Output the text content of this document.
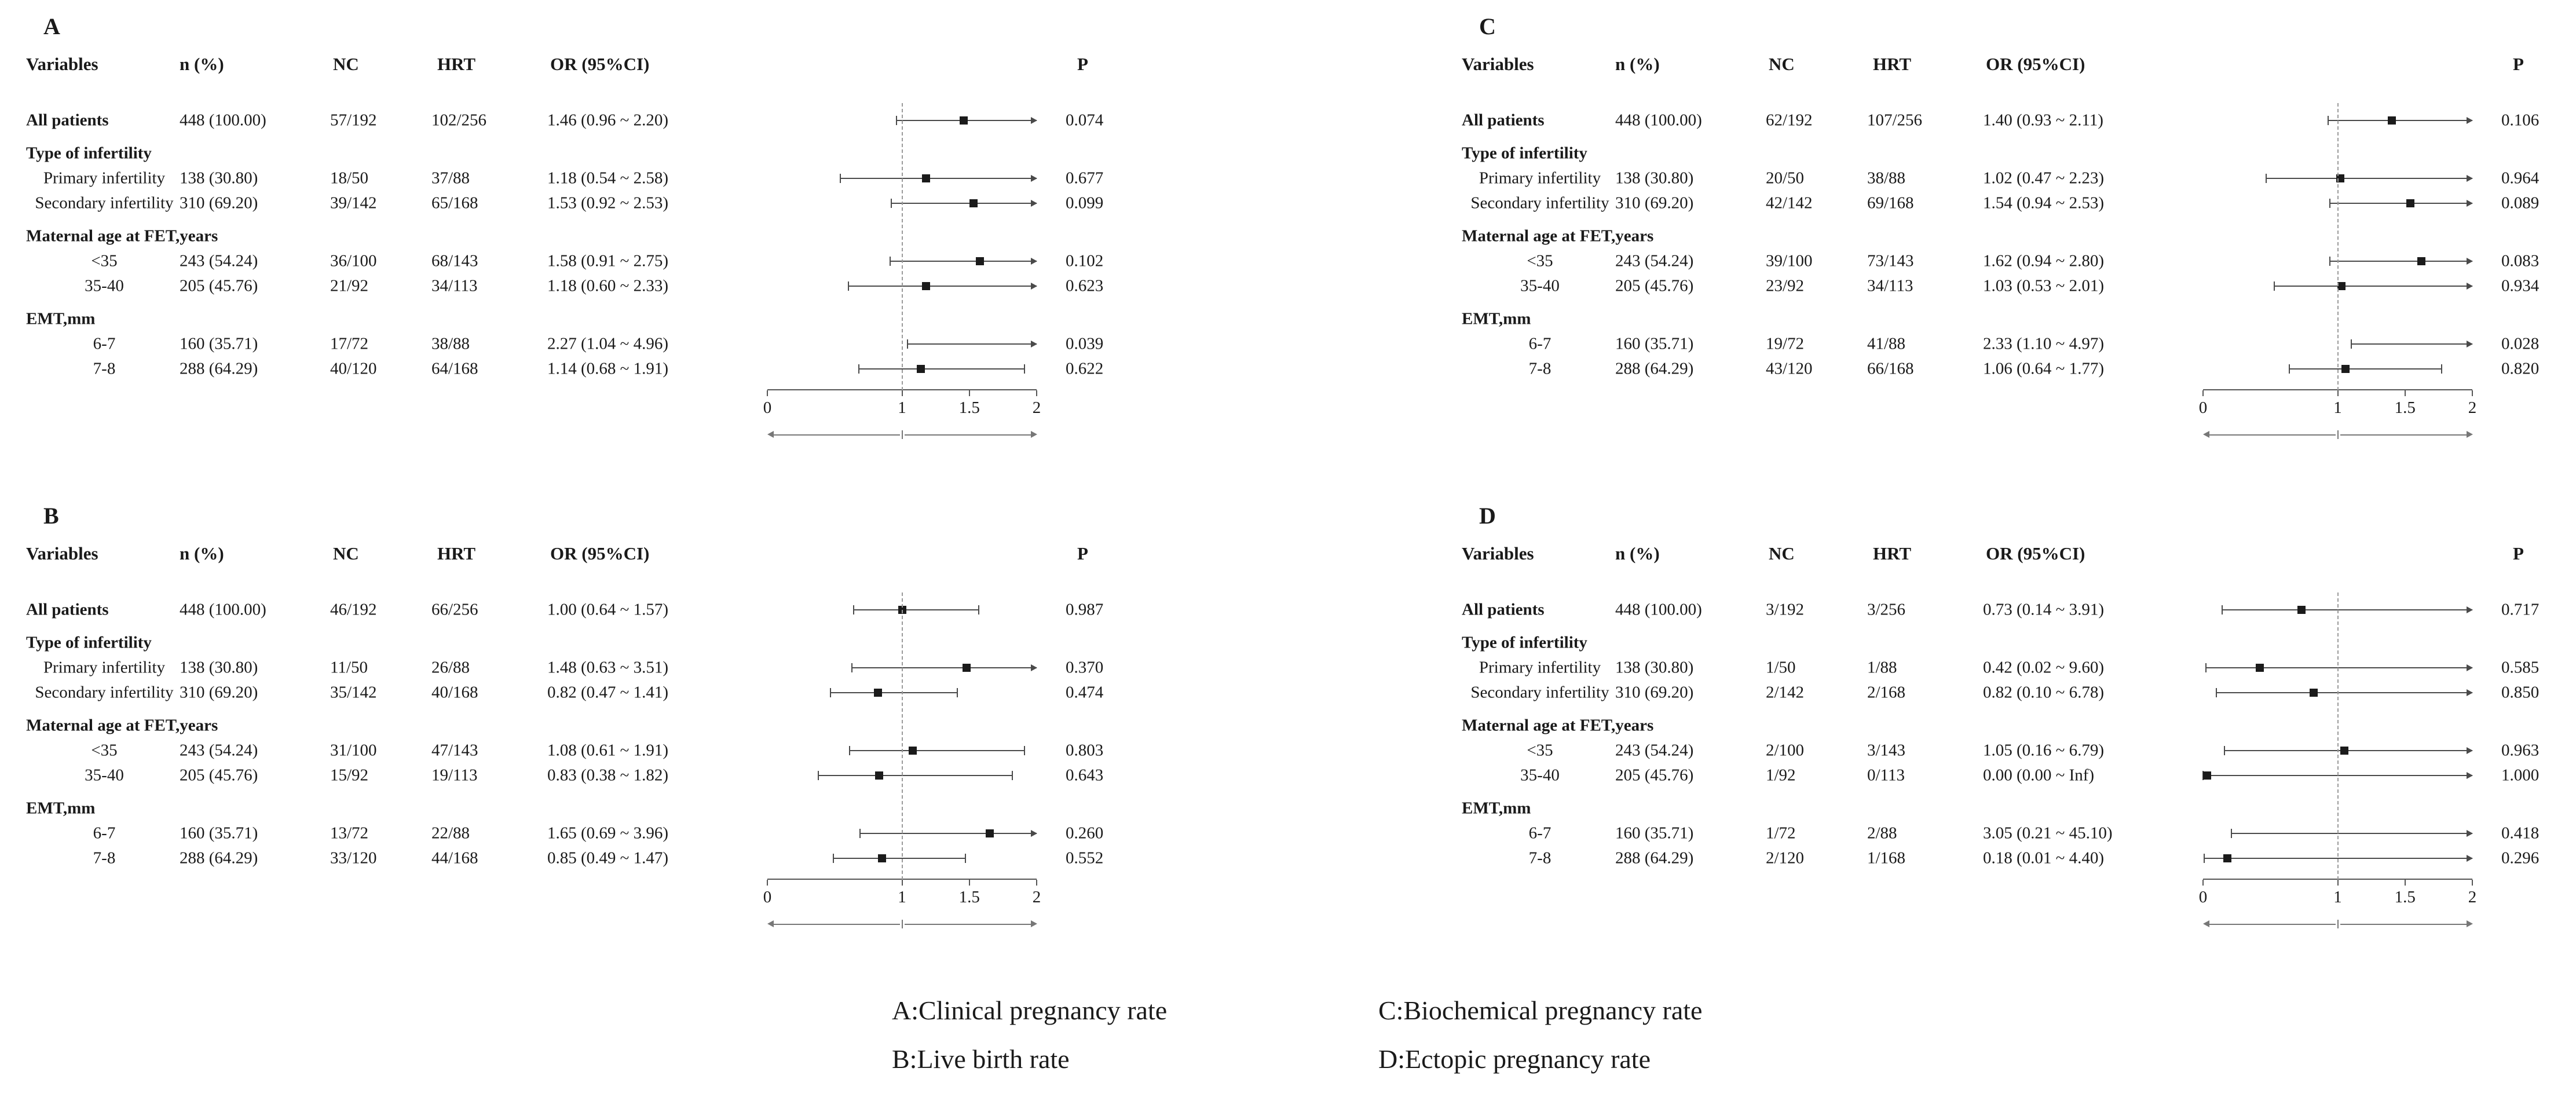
A
Variables	n (%)	NC	HRT	OR (95%CI)	P
All patients	448 (100.00)	57/192	102/256	1.46 (0.96 ~ 2.20)	0.074
Type of infertility
Primary infertility 138 (30.80)	18/50	37/88	1.18 (0.54 ~ 2.58)	0.677
Secondary infertility 310 (69.20)	39/142	65/168	1.53 (0.92 ~ 2.53)	0.099
Maternal age at FET,years
<35	243 (54.24)	36/100	68/143	1.58 (0.91 ~ 2.75)	0.102
35-40	205 (45.76)	21/92	34/113	1.18 (0.60 ~ 2.33)	0.623
EMT,mm
6-7	160 (35.71)	17/72	38/88	2.27 (1.04 ~ 4.96)	0.039
7-8	288 (64.29)	40/120	64/168	1.14 (0.68 ~ 1.91)	0.622
0	1	1.5	2
C
Variables	n (%)	NC	HRT	OR (95%CI)	P
All patients	448 (100.00)	62/192	107/256	1.40 (0.93 ~ 2.11)	0.106
Type of infertility
Primary infertility 138 (30.80)	20/50	38/88	1.02 (0.47 ~ 2.23)	0.964
Secondary infertility 310 (69.20)	42/142	69/168	1.54 (0.94 ~ 2.53)	0.089
Maternal age at FET,years
<35	243 (54.24)	39/100	73/143	1.62 (0.94 ~ 2.80)	0.083
35-40	205 (45.76)	23/92	34/113	1.03 (0.53 ~ 2.01)	0.934
EMT,mm
6-7	160 (35.71)	19/72	41/88	2.33 (1.10 ~ 4.97)	0.028
7-8	288 (64.29)	43/120	66/168	1.06 (0.64 ~ 1.77)	0.820
0	1	1.5	2
B
Variables	n (%)	NC	HRT	OR (95%CI)	P
All patients	448 (100.00)	46/192	66/256	1.00 (0.64 ~ 1.57)	0.987
Type of infertility
Primary infertility 138 (30.80)	11/50	26/88	1.48 (0.63 ~ 3.51)	0.370
Secondary infertility 310 (69.20)	35/142	40/168	0.82 (0.47 ~ 1.41)	0.474
Maternal age at FET,years
<35	243 (54.24)	31/100	47/143	1.08 (0.61 ~ 1.91)	0.803
35-40	205 (45.76)	15/92	19/113	0.83 (0.38 ~ 1.82)	0.643
EMT,mm
6-7	160 (35.71)	13/72	22/88	1.65 (0.69 ~ 3.96)	0.260
7-8	288 (64.29)	33/120	44/168	0.85 (0.49 ~ 1.47)	0.552
0	1	1.5	2
D
Variables	n (%)	NC	HRT	OR (95%CI)	P
All patients	448 (100.00)	3/192	3/256	0.73 (0.14 ~ 3.91)	0.717
Type of infertility
Primary infertility 138 (30.80)	1/50	1/88	0.42 (0.02 ~ 9.60)	0.585
Secondary infertility 310 (69.20)	2/142	2/168	0.82 (0.10 ~ 6.78)	0.850
Maternal age at FET,years
<35	243 (54.24)	2/100	3/143	1.05 (0.16 ~ 6.79)	0.963
35-40	205 (45.76)	1/92	0/113	0.00 (0.00 ~ Inf)	1.000
EMT,mm
6-7	160 (35.71)	1/72	2/88	3.05 (0.21 ~ 45.10)	0.418
7-8	288 (64.29)	2/120	1/168	0.18 (0.01 ~ 4.40)	0.296
0	1	1.5	2
A:Clinical pregnancy rate
B:Live birth rate
C:Biochemical pregnancy rate
D:Ectopic pregnancy rate
